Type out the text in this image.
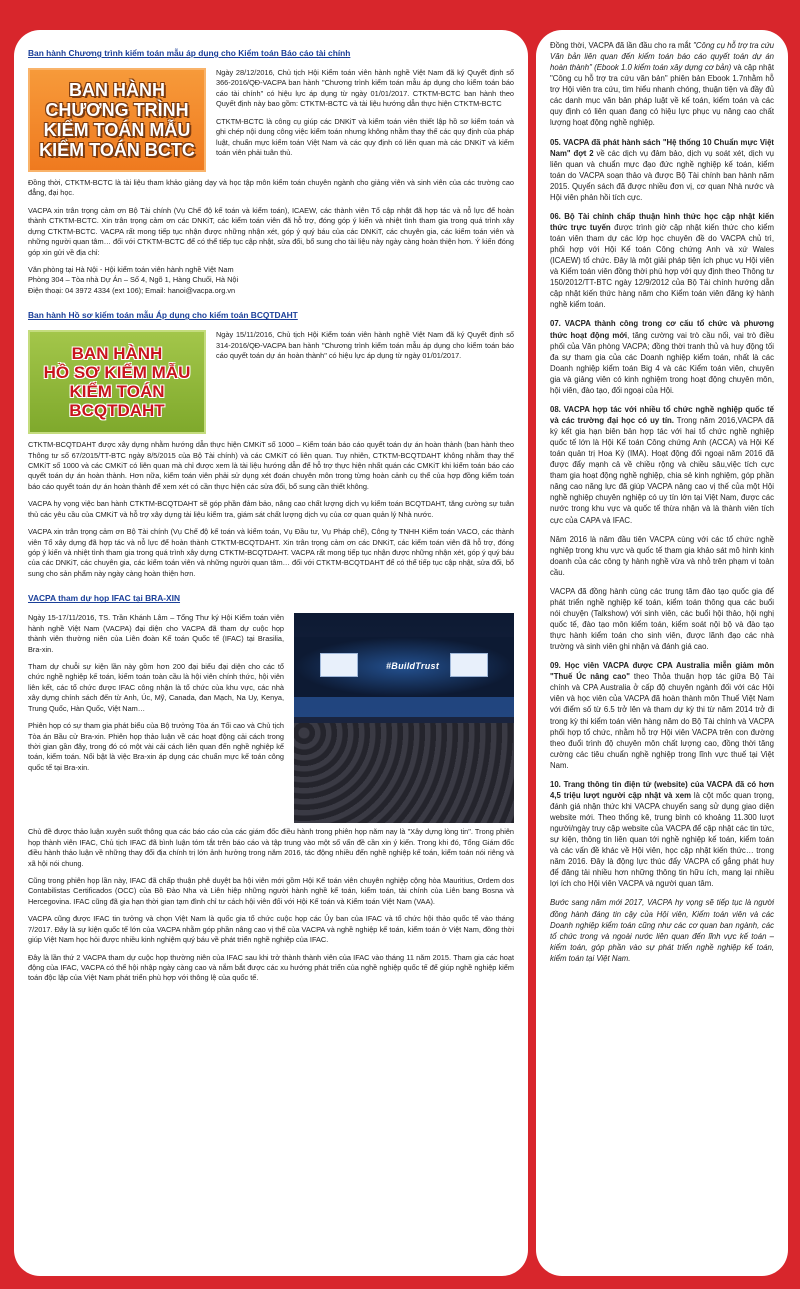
Ban hành Chương trình kiểm toán mẫu áp dụng cho Kiểm toán Báo cáo tài chính
BAN HÀNH
CHƯƠNG TRÌNH
KIỂM TOÁN MẪU
KIỂM TOÁN BCTC

Ngày 28/12/2016, Chủ tịch Hội Kiểm toán viên hành nghề Việt Nam đã ký Quyết định số 366-2016/QĐ-VACPA ban hành "Chương trình kiểm toán mẫu áp dụng cho kiểm toán báo cáo tài chính" có hiệu lực áp dụng từ ngày 01/01/2017. CTKTM-BCTC ban hành theo Quyết định này bao gồm: CTKTM-BCTC và tài liệu hướng dẫn thực hiện CTKTM-BCTC

CTKTM-BCTC là công cụ giúp các DNKiT và kiểm toán viên thiết lập hồ sơ kiểm toán và ghi chép nội dung công việc kiểm toán nhưng không nhằm thay thế các quy định của pháp luật, chuẩn mực kiểm toán Việt Nam và các quy định có liên quan mà các DNKiT và kiểm toán viên phải tuân thủ.

Đồng thời, CTKTM-BCTC là tài liệu tham khảo giảng dạy và học tập môn kiểm toán chuyên ngành cho giảng viên và sinh viên của các trường cao đẳng, đại học.

VACPA xin trân trọng cảm ơn Bộ Tài chính (Vụ Chế độ kế toán và kiểm toán), ICAEW, các thành viên Tổ cập nhật đã hợp tác và nỗ lực để hoàn thành CTKTM-BCTC. Xin trân trọng cảm ơn các DNKiT, các kiểm toán viên đã hỗ trợ, đóng góp ý kiến và nhiệt tình tham gia trong quá trình xây dựng CTKTM-BCTC. VACPA rất mong tiếp tục nhận được những nhận xét, góp ý quý báu của các DNKiT, các chuyên gia, các kiểm toán viên và những người quan tâm… đối với CTKTM-BCTC để có thể tiếp tục cập nhật, sửa đổi, bổ sung cho tài liệu này ngày càng hoàn thiện hơn. Ý kiến đóng góp xin gửi về địa chỉ:

Văn phòng tại Hà Nội - Hội kiểm toán viên hành nghề Việt Nam
Phòng 304 – Tòa nhà Dự Án – Số 4, Ngõ 1, Hàng Chuối, Hà Nội
Điện thoại: 04 3972 4334 (ext 106); Email: hanoi@vacpa.org.vn

Ban hành Hồ sơ kiểm toán mẫu Áp dụng cho kiểm toán BCQTDAHT
BAN HÀNH
HỒ SƠ KIỂM MẪU
KIỂM TOÁN BCQTDAHT

Ngày 15/11/2016, Chủ tịch Hội Kiểm toán viên hành nghề Việt Nam đã ký Quyết định số 314-2016/QĐ-VACPA ban hành "Chương trình kiểm toán mẫu áp dụng cho kiểm toán báo cáo quyết toán dự án hoàn thành" có hiệu lực áp dụng từ ngày 01/01/2017.

CTKTM-BCQTDAHT được xây dựng nhằm hướng dẫn thực hiện CMKiT số 1000 – Kiểm toán báo cáo quyết toán dự án hoàn thành (ban hành theo Thông tư số 67/2015/TT-BTC ngày 8/5/2015 của Bộ Tài chính) và các CMKiT có liên quan. Tuy nhiên, CTKTM-BCQTDAHT không nhằm thay thế CMKiT số 1000 và các CMKiT có liên quan mà chỉ được xem là tài liệu hướng dẫn để hỗ trợ thực hiện nhất quán các CMKiT khi kiểm toán báo cáo quyết toán dự án hoàn thành. Hơn nữa, kiểm toán viên phải sử dụng xét đoán chuyên môn trong từng hoàn cảnh cụ thể của hợp đồng kiểm toán báo cáo quyết toán dự án hoàn thành để xem xét có cần thực hiện các sửa đổi, bổ sung cần thiết không.

VACPA hy vọng việc ban hành CTKTM-BCQTDAHT sẽ góp phần đảm bảo, nâng cao chất lượng dịch vụ kiểm toán BCQTDAHT, tăng cường sự tuân thủ các yêu cầu của CMKiT và hỗ trợ xây dựng tài liệu kiểm tra, giám sát chất lượng dịch vụ của cơ quan quản lý Nhà nước.

VACPA xin trân trọng cảm ơn Bộ Tài chính (Vụ Chế độ kế toán và kiểm toán, Vụ Đầu tư, Vụ Pháp chế), Công ty TNHH Kiểm toán VACO, các thành viên Tổ xây dựng đã hợp tác và nỗ lực để hoàn thành CTKTM-BCQTDAHT. Xin trân trọng cảm ơn các DNKiT, các kiểm toán viên đã hỗ trợ, đóng góp ý kiến và nhiệt tình tham gia trong quá trình xây dựng CTKTM-BCQTDAHT. VACPA rất mong tiếp tục nhận được những nhận xét, góp ý quý báu của các DNKiT, các chuyên gia, các kiểm toán viên và những người quan tâm… đối với CTKTM-BCQTDAHT để có thể tiếp tục cập nhật, sửa đổi, bổ sung cho sản phẩm này ngày càng hoàn thiện hơn.

VACPA tham dự họp IFAC tại BRA-XIN

Ngày 15-17/11/2016, TS. Trần Khánh Lâm – Tổng Thư ký Hội Kiểm toán viên hành nghề Việt Nam (VACPA) đại diện cho VACPA đã tham dự cuộc họp thành viên thường niên của Liên đoàn Kế toán Quốc tế (IFAC) tại Brasilia, Bra-xin.

Tham dự chuỗi sự kiện lần này gồm hơn 200 đại biểu đại diện cho các tổ chức nghề nghiệp kế toán, kiểm toán toàn cầu là hội viên chính thức, hội viên liên kết, các tổ chức được IFAC công nhận là tổ chức của khu vực, các nhà xây dựng chính sách đến từ Anh, Úc, Mỹ, Canada, đan Mạch, Na Uy, Kenya, Trung Quốc, Hàn Quốc, Việt Nam…

Phiên họp có sự tham gia phát biểu của Bộ trưởng Tòa án Tối cao và Chủ tịch Tòa án Bầu cử Bra-xin. Phiên họp thảo luận về các hoạt động cải cách trong thời gian gần đây, trong đó có một vài cải cách liên quan đến nghề nghiệp kế toán, kiểm toán. Nổi bật là việc Bra-xin áp dụng các chuẩn mực kế toán công quốc tế tại Bra-xin.

#BuildTrust

Chủ đề được thảo luận xuyên suốt thông qua các báo cáo của các giám đốc điều hành trong phiên họp năm nay là "Xây dựng lòng tin". Trong phiên họp thành viên IFAC, Chủ tịch IFAC đã bình luận tóm tắt trên báo cáo và tập trung vào một số vấn đề cần xin ý kiến. Trong khi đó, Tổng Giám đốc điều hành thảo luận về những thay đổi địa chính trị lớn ảnh hưởng trong năm 2016, tác động nhiều đến nghề nghiệp kế toán, kiểm toán nói riêng và xã hội nói chung.

Cũng trong phiên họp lần này, IFAC đã chấp thuận phê duyệt ba hội viên mới gồm Hội Kế toán viên chuyên nghiệp cộng hòa Mauritius, Ordem dos Contabilistas Certificados (OCC) của Bồ Đào Nha và Liên hiệp những người hành nghề kế toán, kiểm toán, tài chính của Liên bang Bosna và Hercegovina. IFAC cũng đã gia hạn thời gian tạm đình chỉ tư cách hội viên đối với Hội Kế toán và Kiểm toán Việt Nam (VAA).

VACPA cũng được IFAC tin tưởng và chọn Việt Nam là quốc gia tổ chức cuộc họp các Ủy ban của IFAC và tổ chức hội thảo quốc tế vào tháng 7/2017. Đây là sự kiện quốc tế lớn của VACPA nhằm góp phần nâng cao vị thế của VACPA và nghề nghiệp kế toán, kiểm toán ở Việt Nam, đồng thời giúp Việt Nam học hỏi được nhiều kinh nghiệm quý báu về phát triển nghề nghiệp của IFAC.

Đây là lần thứ 2 VACPA tham dự cuộc họp thường niên của IFAC sau khi trở thành thành viên của IFAC vào tháng 11 năm 2015. Tham gia các hoạt động của IFAC, VACPA có thể hội nhập ngày càng cao và nắm bắt được các xu hướng phát triển của nghề nghiệp quốc tế để giúp nghề nghiệp kiểm toán độc lập của Việt Nam phát triển phù hợp với thông lệ của quốc tế.

Đồng thời, VACPA đã lần đầu cho ra mắt "Công cụ hỗ trợ tra cứu Văn bản liên quan đến kiểm toán báo cáo quyết toán dự án hoàn thành" (Ebook 1.0 kiểm toán xây dựng cơ bản) và cập nhật "Công cụ hỗ trợ tra cứu văn bản" phiên bản Ebook 1.7nhằm hỗ trợ Hội viên tra cứu, tìm hiểu nhanh chóng, thuận tiện và đầy đủ các danh mục văn bản pháp luật về kế toán, kiểm toán và các quy định có liên quan đang có hiệu lực phục vụ nâng cao chất lượng hoạt động nghề nghiệp.

05. VACPA đã phát hành sách "Hệ thống 10 Chuẩn mực Việt Nam" đợt 2 về các dịch vụ đảm bảo, dịch vụ soát xét, dịch vụ liên quan và chuẩn mực đạo đức nghề nghiệp kế toán, kiểm toán do VACPA soạn thảo và được Bộ Tài chính ban hành năm 2015. Quyển sách đã được nhiều đơn vị, cơ quan Nhà nước và Hội viên phản hồi tích cực.

06. Bộ Tài chính chấp thuận hình thức học cập nhật kiến thức trực tuyến được trình giờ cập nhật kiến thức cho kiểm toán viên tham dự các lớp học chuyên đề do VACPA chủ trì, phối hợp với Hội Kế toán Công chứng Anh và xứ Wales (ICAEW) tổ chức. Đây là một giải pháp tiện ích phục vụ Hội viên và Kiểm toán viên đồng thời phù hợp với quy định theo Thông tư 150/2012/TT-BTC ngày 12/9/2012 của Bộ Tài chính hướng dẫn cập nhật kiến thức hàng năm cho Kiểm toán viên đăng ký hành nghề kiểm toán.

07. VACPA thành công trong cơ cấu tổ chức và phương thức hoạt động mới, tăng cường vai trò cầu nối, vai trò điều phối của Văn phòng VACPA; đồng thời tranh thủ và huy động tối đa sự tham gia của các Doanh nghiệp kiểm toán, nhất là các Doanh nghiệp kiểm toán Big 4 và các Kiểm toán viên, chuyên gia và giảng viên có kinh nghiệm trong hoạt động chuyên môn, hội viên, đào tạo, đối ngoại của Hội.

08. VACPA hợp tác với nhiều tổ chức nghề nghiệp quốc tế và các trường đại học có uy tín. Trong năm 2016,VACPA đã ký kết gia hạn biên bản hợp tác với hai tổ chức nghề nghiệp quốc tế lớn là Hội Kế toán Công chứng Anh (ACCA) và Hội Kế toán quản trị Hoa Kỳ (IMA). Hoạt động đối ngoại năm 2016 đã được đẩy mạnh cả về chiều rộng và chiều sâu,việc tích cực tham gia hoạt động nghề nghiệp, chia sẻ kinh nghiệm, góp phần nâng cao năng lực đã giúp VACPA nâng cao vị thế của một Hội nghề nghiệp chuyên nghiệp có uy tín lớn tại Việt Nam, được các nước trong khu vực và quốc tế thừa nhận và là thành viên tích cực của CAPA và IFAC.

Năm 2016 là năm đầu tiên VACPA cùng với các tổ chức nghề nghiệp trong khu vực và quốc tế tham gia khảo sát mô hình kinh doanh của các công ty hành nghề vừa và nhỏ trên phạm vi toàn cầu.

VACPA đã đồng hành cùng các trung tâm đào tạo quốc gia để phát triển nghề nghiệp kế toán, kiểm toán thông qua các buổi nói chuyện (Talkshow) với sinh viên, các buổi hội thảo, hội nghị quốc tế, đào tạo môn kiểm toán, kiểm soát nội bộ và đào tạo thực hành kiểm toán cho sinh viên, được lãnh đạo các nhà trường và sinh viên ghi nhận và đánh giá cao.

09. Học viên VACPA được CPA Australia miễn giảm môn "Thuế Úc nâng cao" theo Thỏa thuận hợp tác giữa Bộ Tài chính và CPA Australia ở cấp độ chuyên ngành đối với các Hội viên và học viên của VACPA đã hoàn thành môn Thuế Việt Nam với điểm số từ 6.5 trở lên và tham dự kỳ thi từ năm 2014 trở đi trong kỳ thi kiểm toán viên hàng năm do Bộ Tài chính và VACPA phối hợp tổ chức, nhằm hỗ trợ Hội viên VACPA trên con đường theo đuổi trình độ chuyên môn chất lượng cao, đồng thời tăng cường các tiêu chuẩn nghề nghiệp trong lĩnh vực thuế tại Việt Nam.

10. Trang thông tin điện tử (website) của VACPA đã có hơn 4,5 triệu lượt người cập nhật và xem là cột mốc quan trọng, đánh giá nhận thức khi VACPA chuyển sang sử dụng giao diện website mới. Theo thống kê, trung bình có khoảng 11.300 lượt người/ngày truy cập website của VACPA để cập nhật các tin tức, sự kiện, thông tin liên quan tới nghề nghiệp kế toán, kiểm toán và các vấn đề khác về Hội viên, học cập nhật kiến thức… trong năm 2016. Đây là động lực thúc đẩy VACPA cố gắng phát huy để đăng tải nhiều hơn những thông tin hữu ích, mang lại nhiều lợi ích cho Hội viên VACPA và người quan tâm.

Bước sang năm mới 2017, VACPA hy vọng sẽ tiếp tục là người đồng hành đáng tin cậy của Hội viên, Kiểm toán viên và các Doanh nghiệp kiểm toán cũng như các cơ quan ban ngành, các tổ chức trong và ngoài nước liên quan đến lĩnh vực kế toán – kiểm toán, góp phần vào sự phát triển nghề nghiệp kế toán, kiểm toán tại Việt Nam.
